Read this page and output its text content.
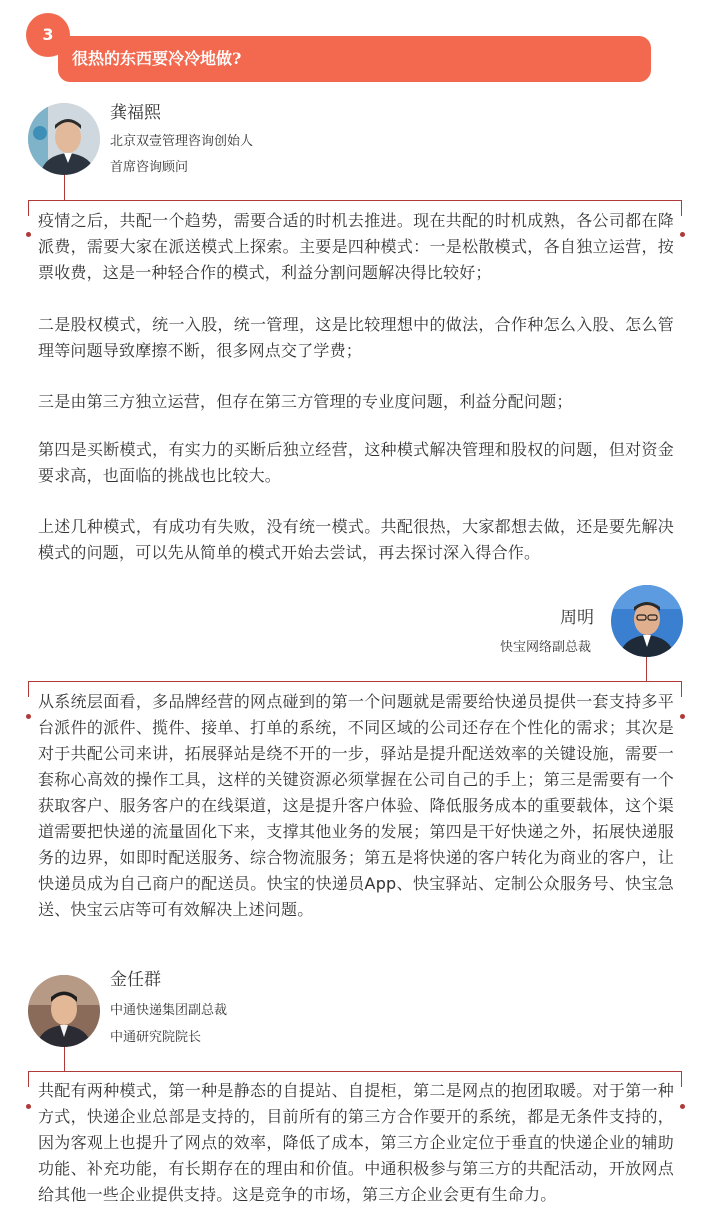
3
很热的东西要冷冷地做?
龚福熙
北京双壹管理咨询创始人
首席咨询顾问

疫情之后，共配一个趋势，需要合适的时机去推进。现在共配的时机成熟，各公司都在降派费，需要大家在派送模式上探索。主要是四种模式：一是松散模式，各自独立运营，按票收费，这是一种轻合作的模式，利益分割问题解决得比较好；

二是股权模式，统一入股，统一管理，这是比较理想中的做法，合作种怎么入股、怎么管理等问题导致摩擦不断，很多网点交了学费；

三是由第三方独立运营，但存在第三方管理的专业度问题，利益分配问题；

第四是买断模式，有实力的买断后独立经营，这种模式解决管理和股权的问题，但对资金要求高，也面临的挑战也比较大。

上述几种模式，有成功有失败，没有统一模式。共配很热，大家都想去做，还是要先解决模式的问题，可以先从简单的模式开始去尝试，再去探讨深入得合作。

周明
快宝网络副总裁

从系统层面看，多品牌经营的网点碰到的第一个问题就是需要给快递员提供一套支持多平台派件的派件、揽件、接单、打单的系统，不同区域的公司还存在个性化的需求；其次是对于共配公司来讲，拓展驿站是绕不开的一步，驿站是提升配送效率的关键设施，需要一套称心高效的操作工具，这样的关键资源必须掌握在公司自己的手上；第三是需要有一个获取客户、服务客户的在线渠道，这是提升客户体验、降低服务成本的重要载体，这个渠道需要把快递的流量固化下来，支撑其他业务的发展；第四是干好快递之外，拓展快递服务的边界，如即时配送服务、综合物流服务；第五是将快递的客户转化为商业的客户，让快递员成为自己商户的配送员。快宝的快递员App、快宝驿站、定制公众服务号、快宝急送、快宝云店等可有效解决上述问题。

金任群
中通快递集团副总裁
中通研究院院长

共配有两种模式，第一种是静态的自提站、自提柜，第二是网点的抱团取暖。对于第一种方式，快递企业总部是支持的，目前所有的第三方合作要开的系统，都是无条件支持的，因为客观上也提升了网点的效率，降低了成本，第三方企业定位于垂直的快递企业的辅助功能、补充功能，有长期存在的理由和价值。中通积极参与第三方的共配活动，开放网点给其他一些企业提供支持。这是竞争的市场，第三方企业会更有生命力。
